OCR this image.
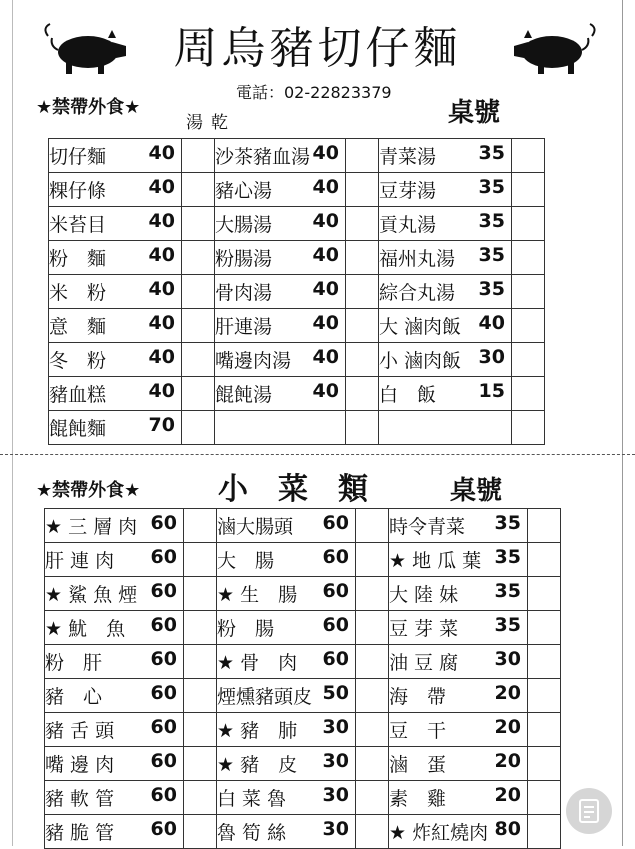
周烏豬切仔麵
電話：02-22823379
★禁帶外食★
湯乾	桌號
切仔麵 40		沙茶豬血湯 40		青菜湯 35	

粿仔條 40		豬心湯 40		豆芽湯 35	

米苔目 40		大腸湯 40		貢丸湯 35	

粉　麵 40		粉腸湯 40		福州丸湯 35	

米　粉 40		骨肉湯 40		綜合丸湯 35	

意　麵 40		肝連湯 40		大 滷肉飯 40	

冬　粉 40		嘴邊肉湯 40		小 滷肉飯 30	

豬血糕 40		餛飩湯 40		白　飯 15	

餛飩麵 70					

★禁帶外食★	小　菜　類	桌號
★ 三 層 肉 60		滷大腸頭 60		時令青菜 35	

肝 連 肉 60		大　腸 60		★ 地 瓜 葉 35	

★ 鯊 魚 煙 60		★ 生　腸 60		大 陸 妹 35	

★ 魷　魚 60		粉　腸 60		豆 芽 菜 35	

粉　肝 60		★ 骨　肉 60		油 豆 腐 30	

豬　心 60		煙燻豬頭皮 50		海　帶 20	

豬 舌 頭 60		★ 豬　肺 30		豆　干 20	

嘴 邊 肉 60		★ 豬　皮 30		滷　蛋 20	

豬 軟 管 60		白 菜 魯 30		素　雞 20	

豬 脆 管 60		魯 筍 絲 30		★ 炸紅燒肉 80	
